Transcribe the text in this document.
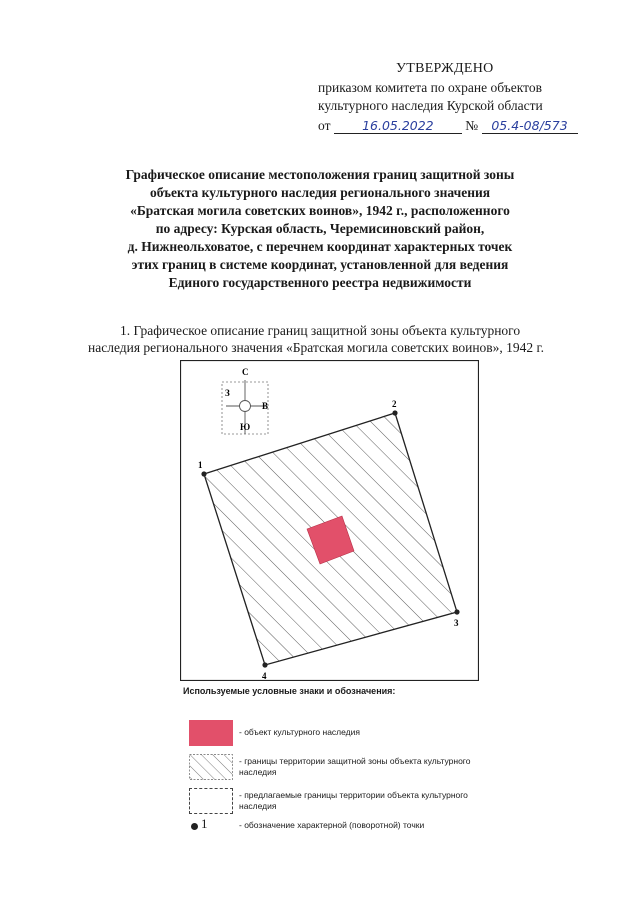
УТВЕРЖДЕНО
приказом комитета по охране объектов
культурного наследия Курской области
от	16.05.2022 № 05.4-08/573
Графическое описание местоположения границ защитной зоны
объекта культурного наследия регионального значения
«Братская могила советских воинов», 1942 г., расположенного
по адресу: Курская область, Черемисиновский район,
д. Нижнеольховатое, с перечнем координат характерных точек
этих границ в системе координат, установленной для ведения
Единого государственного реестра недвижимости
1. Графическое описание границ защитной зоны объекта культурного
наследия регионального значения «Братская могила советских воинов», 1942 г.
С
Ю
З
В
1
2
3
4
Используемые условные знаки и обозначения:
- объект культурного наследия
- границы территории защитной зоны объекта культурного наследия
- предлагаемые границы территории объекта культурного наследия
1	- обозначение характерной (поворотной) точки
